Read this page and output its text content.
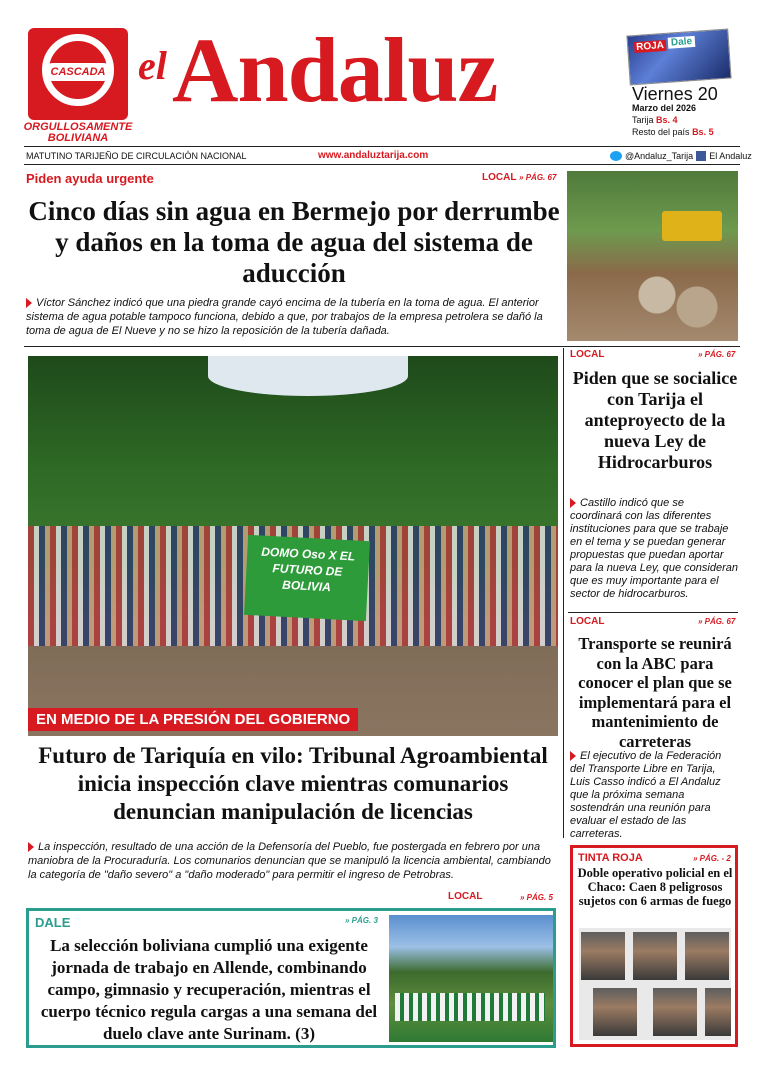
CASCADA
ORGULLOSAMENTE BOLIVIANA
el Andaluz	ROJA Dale
Viernes 20
Marzo del 2026
Tarija Bs. 4
Resto del país Bs. 5
MATUTINO TARIJEÑO DE CIRCULACIÓN NACIONAL	www.andaluztarija.com	@Andaluz_Tarija El Andaluz
Piden ayuda urgente	LOCAL » PÁG. 67
Cinco días sin agua en Bermejo por derrumbe y daños en la toma de agua del sistema de aducción
Víctor Sánchez indicó que una piedra grande cayó encima de la tubería en la toma de agua. El anterior sistema de agua potable tampoco funciona, debido a que, por trabajos de la empresa petrolera se dañó la toma de agua de El Nueve y no se hizo la reposición de la tubería dañada.
DOMO Oso X EL FUTURO DE BOLIVIA
EN MEDIO DE LA PRESIÓN DEL GOBIERNO
Futuro de Tariquía en vilo: Tribunal Agroambiental inicia inspección clave mientras comunarios denuncian manipulación de licencias
La inspección, resultado de una acción de la Defensoría del Pueblo, fue postergada en febrero por una maniobra de la Procuraduría. Los comunarios denuncian que se manipuló la licencia ambiental, cambiando la categoría de "daño severo" a "daño moderado" para permitir el ingreso de Petrobras.
LOCAL	» PÁG. 5
LOCAL	» PÁG. 67
Piden que se socialice con Tarija el anteproyecto de la nueva Ley de Hidrocarburos
Castillo indicó que se coordinará con las diferentes instituciones para que se trabaje en el tema y se puedan generar propuestas que puedan aportar para la nueva Ley, que consideran que es muy importante para el sector de hidrocarburos.
LOCAL	» PÁG. 67
Transporte se reunirá con la ABC para conocer el plan que se implementará para el mantenimiento de carreteras
El ejecutivo de la Federación del Transporte Libre en Tarija, Luis Casso indicó a El Andaluz que la próxima semana sostendrán una reunión para evaluar el estado de las carreteras.
DALE	» PÁG. 3
La selección boliviana cumplió una exigente jornada de trabajo en Allende, combinando campo, gimnasio y recuperación, mientras el cuerpo técnico regula cargas a una semana del duelo clave ante Surinam. (3)
TINTA ROJA	» PÁG. - 2
Doble operativo policial en el Chaco: Caen 8 peligrosos sujetos con 6 armas de fuego
